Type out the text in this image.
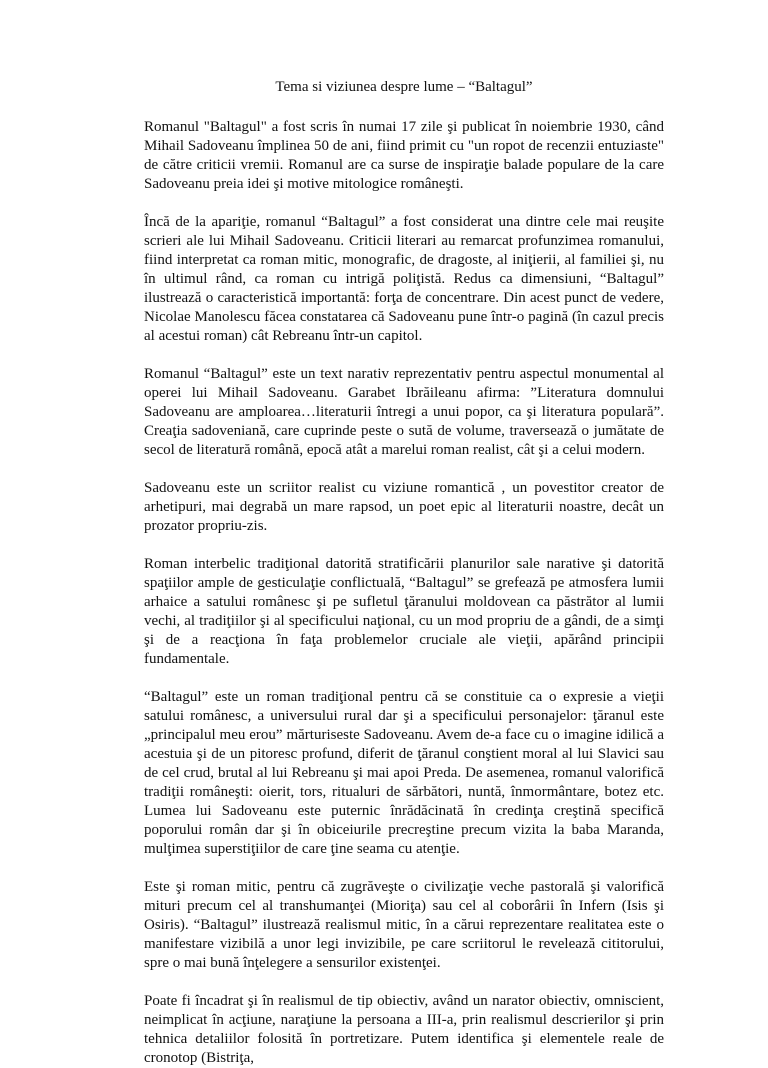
Tema si viziunea despre lume – “Baltagul”

Romanul "Baltagul" a fost scris în numai 17 zile şi publicat în noiembrie 1930, când Mihail Sadoveanu împlinea 50 de ani, fiind primit cu "un ropot de recenzii entuziaste" de către criticii vremii. Romanul are ca surse de inspiraţie balade populare de la care Sadoveanu preia idei şi motive mitologice româneşti.

Încă de la apariţie, romanul “Baltagul” a fost considerat una dintre cele mai reuşite scrieri ale lui Mihail Sadoveanu. Criticii literari au remarcat profunzimea romanului, fiind interpretat ca roman mitic, monografic, de dragoste, al iniţierii, al familiei şi, nu în ultimul rând, ca roman cu intrigă poliţistă. Redus ca dimensiuni, “Baltagul” ilustrează o caracteristică importantă: forţa de concentrare. Din acest punct de vedere, Nicolae Manolescu făcea constatarea că Sadoveanu pune într-o pagină (în cazul precis al acestui roman) cât Rebreanu într-un capitol.

Romanul “Baltagul” este un text narativ reprezentativ pentru aspectul monumental al operei lui Mihail Sadoveanu. Garabet Ibrăileanu afirma: ”Literatura domnului Sadoveanu are amploarea…literaturii întregi a unui popor, ca şi literatura populară”. Creaţia sadoveniană, care cuprinde peste o sută de volume, traversează o jumătate de secol de literatură română, epocă atât a marelui roman realist, cât şi a celui modern.

Sadoveanu este un scriitor realist cu viziune romantică , un povestitor creator de arhetipuri, mai degrabă un mare rapsod, un poet epic al literaturii noastre, decât un prozator propriu-zis.

Roman interbelic tradiţional datorită stratificării planurilor sale narative şi datorită spaţiilor ample de gesticulaţie conflictuală, “Baltagul” se grefează pe atmosfera lumii arhaice a satului românesc şi pe sufletul ţăranului moldovean ca păstrător al lumii vechi, al tradiţiilor şi al specificului naţional, cu un mod propriu de a gândi, de a simţi şi de a reacţiona în faţa problemelor cruciale ale vieţii, apărând principii fundamentale.

“Baltagul” este un roman tradiţional pentru că se constituie ca o expresie a vieţii satului românesc, a universului rural dar şi a specificului personajelor: ţăranul este „principalul meu erou” mărturiseste Sadoveanu. Avem de-a face cu o imagine idilică a acestuia şi de un pitoresc profund, diferit de ţăranul conştient moral al lui Slavici sau de cel crud, brutal al lui Rebreanu şi mai apoi Preda. De asemenea, romanul valorifică tradiţii româneşti: oierit, tors, ritualuri de sărbători, nuntă, înmormântare, botez etc. Lumea lui Sadoveanu este puternic înrădăcinată în credinţa creştină specifică poporului român dar şi în obiceiurile precreştine precum vizita la baba Maranda, mulţimea superstiţiilor de care ţine seama cu atenţie.

Este şi roman mitic, pentru că zugrăveşte o civilizaţie veche pastorală şi valorifică mituri precum cel al transhumanţei (Mioriţa) sau cel al coborârii în Infern (Isis şi Osiris). “Baltagul” ilustrează realismul mitic, în a cărui reprezentare realitatea este o manifestare vizibilă a unor legi invizibile, pe care scriitorul le revelează cititorului, spre o mai bună înţelegere a sensurilor existenţei.

Poate fi încadrat şi în realismul de tip obiectiv, având un narator obiectiv, omniscient, neimplicat în acţiune, naraţiune la persoana a III-a, prin realismul descrierilor şi prin tehnica detaliilor folosită în portretizare. Putem identifica şi elementele reale de cronotop (Bistriţa,
